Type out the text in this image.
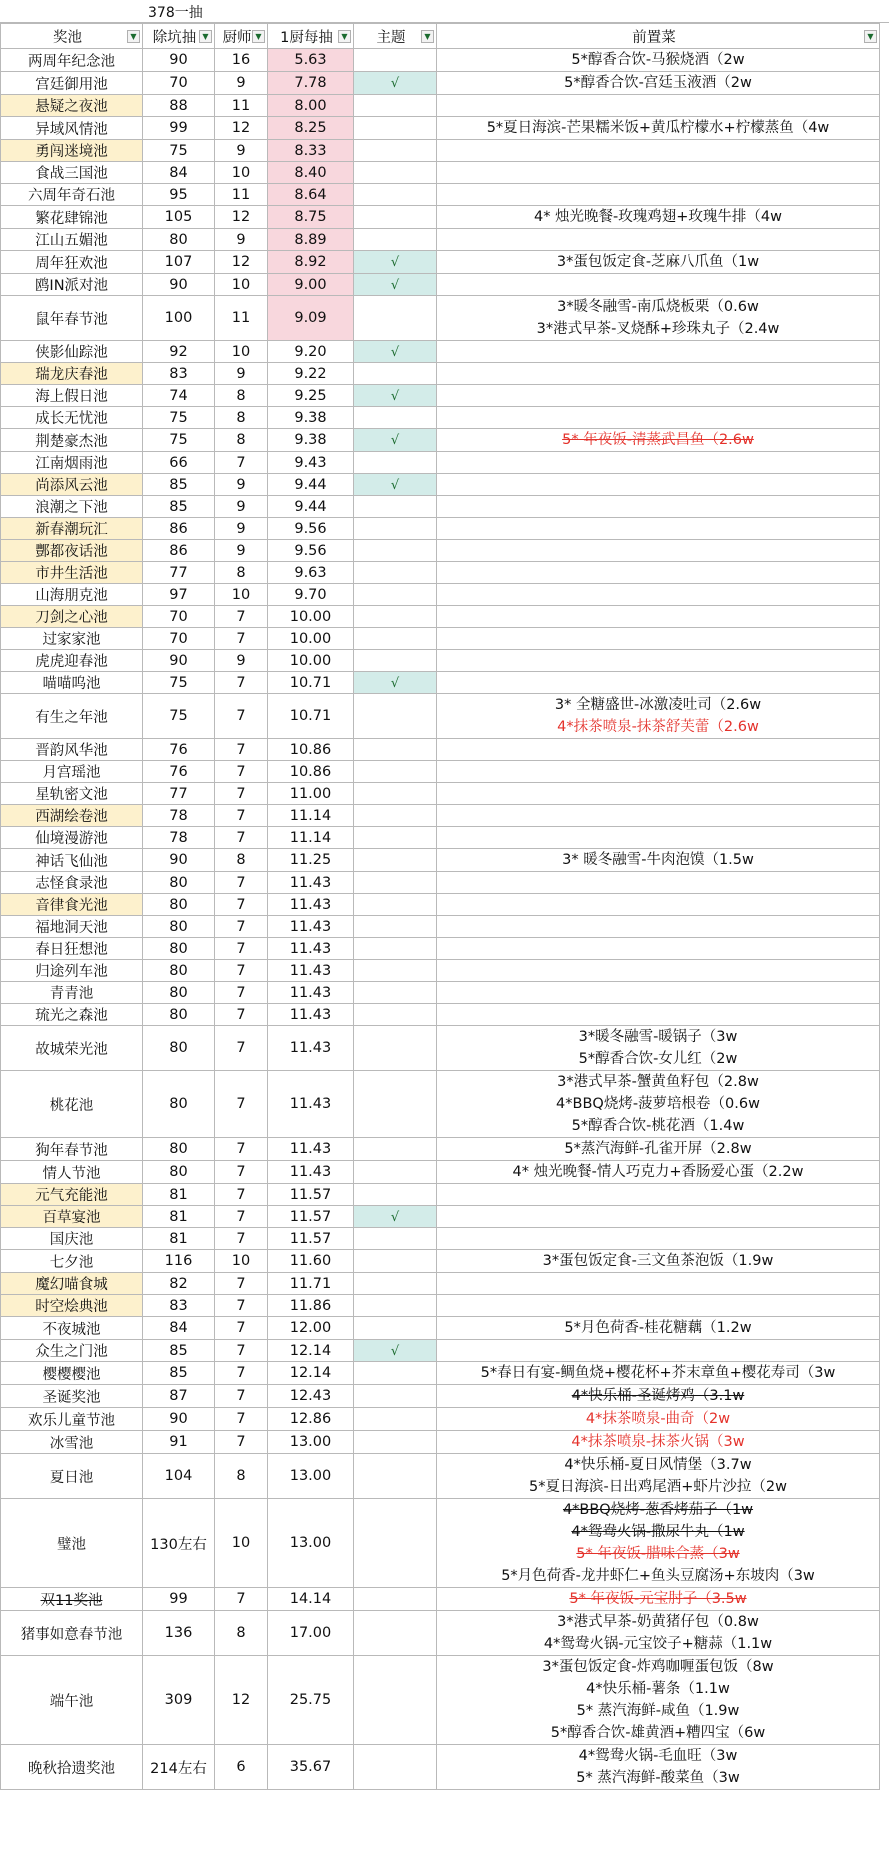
378一抽
奖池 ▼	除坑抽 ▼	厨师 ▼	1厨每抽 ▼	主题 ▼	前置菜 ▼

两周年纪念池	90	16	5.63		5*醇香合饮-马猴烧酒（2w

宫廷御用池	70	9	7.78	√	5*醇香合饮-宫廷玉液酒（2w

悬疑之夜池	88	11	8.00		
异域风情池	99	12	8.25		5*夏日海滨-芒果糯米饭+黄瓜柠檬水+柠檬蒸鱼（4w

勇闯迷境池	75	9	8.33		
食战三国池	84	10	8.40		
六周年奇石池	95	11	8.64		
繁花肆锦池	105	12	8.75		4* 烛光晚餐-玫瑰鸡翅+玫瑰牛排（4w

江山五媚池	80	9	8.89		
周年狂欢池	107	12	8.92	√	3*蛋包饭定食-芝麻八爪鱼（1w

鸥IN派对池	90	10	9.00	√	
鼠年春节池	100	11	9.09		3*暖冬融雪-南瓜烧板栗（0.6w
3*港式早茶-叉烧酥+珍珠丸子（2.4w

侠影仙踪池	92	10	9.20	√	
瑞龙庆春池	83	9	9.22		
海上假日池	74	8	9.25	√	
成长无忧池	75	8	9.38		
荆楚豪杰池	75	8	9.38	√	5* 年夜饭-清蒸武昌鱼（2.6w

江南烟雨池	66	7	9.43		
尚添风云池	85	9	9.44	√	
浪潮之下池	85	9	9.44		
新春潮玩汇	86	9	9.56		
酆都夜话池	86	9	9.56		
市井生活池	77	8	9.63		
山海朋克池	97	10	9.70		
刀剑之心池	70	7	10.00		
过家家池	70	7	10.00		
虎虎迎春池	90	9	10.00		
喵喵呜池	75	7	10.71	√	
有生之年池	75	7	10.71		3* 全糖盛世-冰激凌吐司（2.6w
4*抹茶喷泉-抹茶舒芙蕾（2.6w

晋韵风华池	76	7	10.86		
月宫瑶池	76	7	10.86		
星轨密文池	77	7	11.00		
西湖绘卷池	78	7	11.14		
仙境漫游池	78	7	11.14		
神话飞仙池	90	8	11.25		3* 暖冬融雪-牛肉泡馍（1.5w

志怪食录池	80	7	11.43		
音律食光池	80	7	11.43		
福地洞天池	80	7	11.43		
春日狂想池	80	7	11.43		
归途列车池	80	7	11.43		
青青池	80	7	11.43		
琉光之森池	80	7	11.43		
故城荣光池	80	7	11.43		3*暖冬融雪-暖锅子（3w
5*醇香合饮-女儿红（2w

桃花池	80	7	11.43		3*港式早茶-蟹黄鱼籽包（2.8w
4*BBQ烧烤-菠萝培根卷（0.6w
5*醇香合饮-桃花酒（1.4w

狗年春节池	80	7	11.43		5*蒸汽海鲜-孔雀开屏（2.8w

情人节池	80	7	11.43		4* 烛光晚餐-情人巧克力+香肠爱心蛋（2.2w

元气充能池	81	7	11.57		
百草宴池	81	7	11.57	√	
国庆池	81	7	11.57		
七夕池	116	10	11.60		3*蛋包饭定食-三文鱼茶泡饭（1.9w

魔幻喵食城	82	7	11.71		
时空烩典池	83	7	11.86		
不夜城池	84	7	12.00		5*月色荷香-桂花糖藕（1.2w

众生之门池	85	7	12.14	√	
樱樱樱池	85	7	12.14		5*春日有宴-鲷鱼烧+樱花杯+芥末章鱼+樱花寿司（3w

圣诞奖池	87	7	12.43		4*快乐桶-圣诞烤鸡（3.1w

欢乐儿童节池	90	7	12.86		4*抹茶喷泉-曲奇（2w

冰雪池	91	7	13.00		4*抹茶喷泉-抹茶火锅（3w

夏日池	104	8	13.00		4*快乐桶-夏日风情堡（3.7w
5*夏日海滨-日出鸡尾酒+虾片沙拉（2w

璧池	130左右	10	13.00		4*BBQ烧烤-葱香烤茄子（1w
4*鸳鸯火锅-撒尿牛丸（1w
5* 年夜饭-腊味合蒸（3w
5*月色荷香-龙井虾仁+鱼头豆腐汤+东坡肉（3w

双11奖池	99	7	14.14		5* 年夜饭-元宝肘子（3.5w

猪事如意春节池	136	8	17.00		3*港式早茶-奶黄猪仔包（0.8w
4*鸳鸯火锅-元宝饺子+糖蒜（1.1w

端午池	309	12	25.75		3*蛋包饭定食-炸鸡咖喱蛋包饭（8w
4*快乐桶-薯条（1.1w
5* 蒸汽海鲜-咸鱼（1.9w
5*醇香合饮-雄黄酒+糟四宝（6w

晚秋拾遗奖池	214左右	6	35.67		4*鸳鸯火锅-毛血旺（3w
5* 蒸汽海鲜-酸菜鱼（3w
